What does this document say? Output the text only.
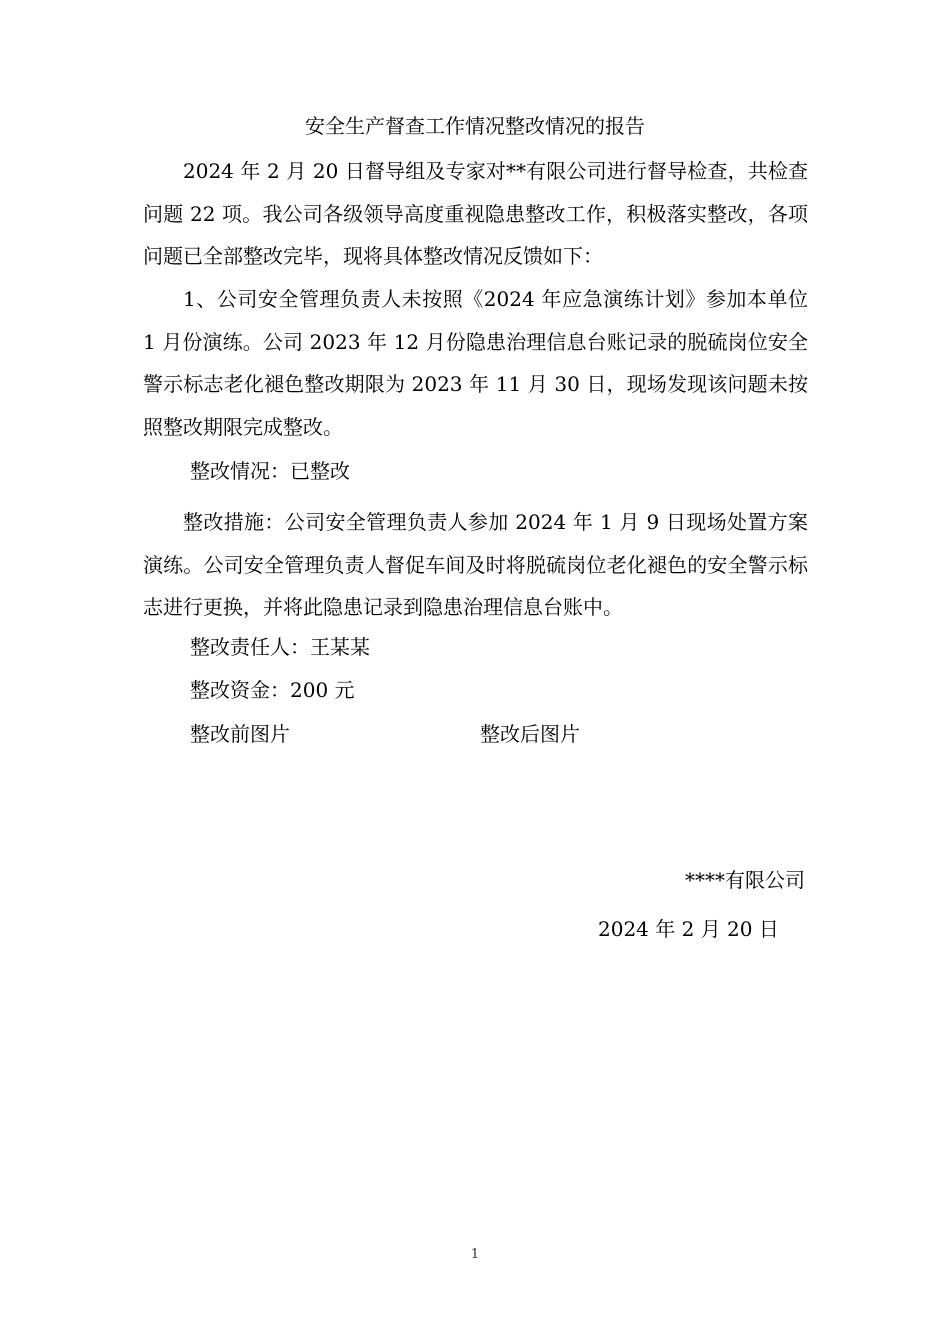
安全生产督查工作情况整改情况的报告

2024 年 2 月 20 日督导组及专家对**有限公司进行督导检查，共检查问题 22 项。我公司各级领导高度重视隐患整改工作，积极落实整改，各项问题已全部整改完毕，现将具体整改情况反馈如下：

1、公司安全管理负责人未按照《2024 年应急演练计划》参加本单位 1 月份演练。公司 2023 年 12 月份隐患治理信息台账记录的脱硫岗位安全警示标志老化褪色整改期限为 2023 年 11 月 30 日，现场发现该问题未按照整改期限完成整改。

整改情况：已整改

整改措施：公司安全管理负责人参加 2024 年 1 月 9 日现场处置方案演练。公司安全管理负责人督促车间及时将脱硫岗位老化褪色的安全警示标志进行更换，并将此隐患记录到隐患治理信息台账中。

整改责任人：王某某
整改资金：200 元
整改前图片	整改后图片
****有限公司
2024 年 2 月 20 日
1
